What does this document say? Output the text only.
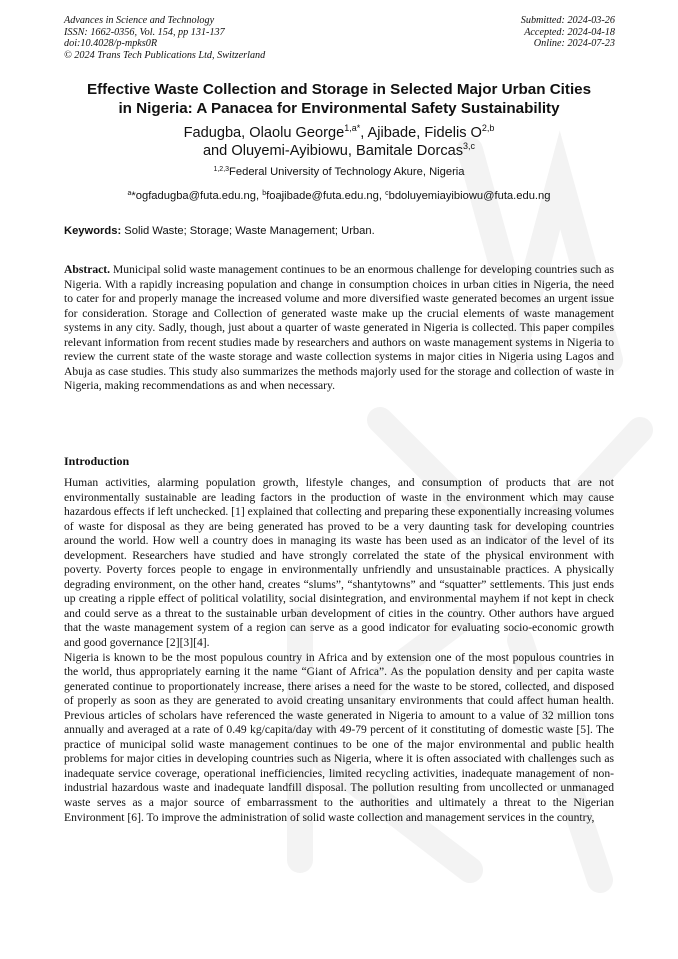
Advances in Science and Technology
ISSN: 1662-0356, Vol. 154, pp 131-137
doi:10.4028/p-mpks0R
© 2024 Trans Tech Publications Ltd, Switzerland
Submitted: 2024-03-26
Accepted: 2024-04-18
Online: 2024-07-23
Effective Waste Collection and Storage in Selected Major Urban Cities
in Nigeria: A Panacea for Environmental Safety Sustainability
Fadugba, Olaolu George$^{1,a*}$, Ajibade, Fidelis O$^{2,b}$
and Oluyemi-Ayibiowu, Bamitale Dorcas$^{3,c}$
$^{1,2,3}$Federal University of Technology Akure, Nigeria
$^a$*ogfadugba@futa.edu.ng, $^b$foajibade@futa.edu.ng, $^c$bdoluyemiayibiowu@futa.edu.ng
Keywords: Solid Waste; Storage; Waste Management; Urban.
Abstract. Municipal solid waste management continues to be an enormous challenge for developing countries such as Nigeria. With a rapidly increasing population and change in consumption choices in urban cities in Nigeria, the need to cater for and properly manage the increased volume and more diversified waste generated becomes an urgent issue for consideration. Storage and Collection of generated waste make up the crucial elements of waste management systems in any city. Sadly, though, just about a quarter of waste generated in Nigeria is collected. This paper compiles relevant information from recent studies made by researchers and authors on waste management systems in Nigeria to review the current state of the waste storage and waste collection systems in major cities in Nigeria using Lagos and Abuja as case studies. This study also summarizes the methods majorly used for the storage and collection of waste in Nigeria, making recommendations as and when necessary.
Introduction
Human activities, alarming population growth, lifestyle changes, and consumption of products that are not environmentally sustainable are leading factors in the production of waste in the environment which may cause hazardous effects if left unchecked. [1] explained that collecting and preparing these exponentially increasing volumes of waste for disposal as they are being generated has proved to be a very daunting task for developing countries around the world. How well a country does in managing its waste has been used as an indicator of the level of its development. Researchers have studied and have strongly correlated the state of the physical environment with poverty. Poverty forces people to engage in environmentally unfriendly and unsustainable practices. A physically degrading environment, on the other hand, creates “slums”, “shantytowns” and “squatter” settlements. This just ends up creating a ripple effect of political volatility, social disintegration, and environmental mayhem if not kept in check and could serve as a threat to the sustainable urban development of cities in the country. Other authors have argued that the waste management system of a region can serve as a good indicator for evaluating socio-economic growth and good governance [2][3][4].
Nigeria is known to be the most populous country in Africa and by extension one of the most populous countries in the world, thus appropriately earning it the name “Giant of Africa”. As the population density and per capita waste generated continue to proportionately increase, there arises a need for the waste to be stored, collected, and disposed of properly as soon as they are generated to avoid creating unsanitary environments that could affect human health. Previous articles of scholars have referenced the waste generated in Nigeria to amount to a value of 32 million tons annually and averaged at a rate of 0.49 kg/capita/day with 49-79 percent of it constituting of domestic waste [5]. The practice of municipal solid waste management continues to be one of the major environmental and public health problems for major cities in developing countries such as Nigeria, where it is often associated with challenges such as inadequate service coverage, operational inefficiencies, limited recycling activities, inadequate management of non-industrial hazardous waste and inadequate landfill disposal. The pollution resulting from uncollected or unmanaged waste serves as a major source of embarrassment to the authorities and ultimately a threat to the Nigerian Environment [6]. To improve the administration of solid waste collection and management services in the country,
